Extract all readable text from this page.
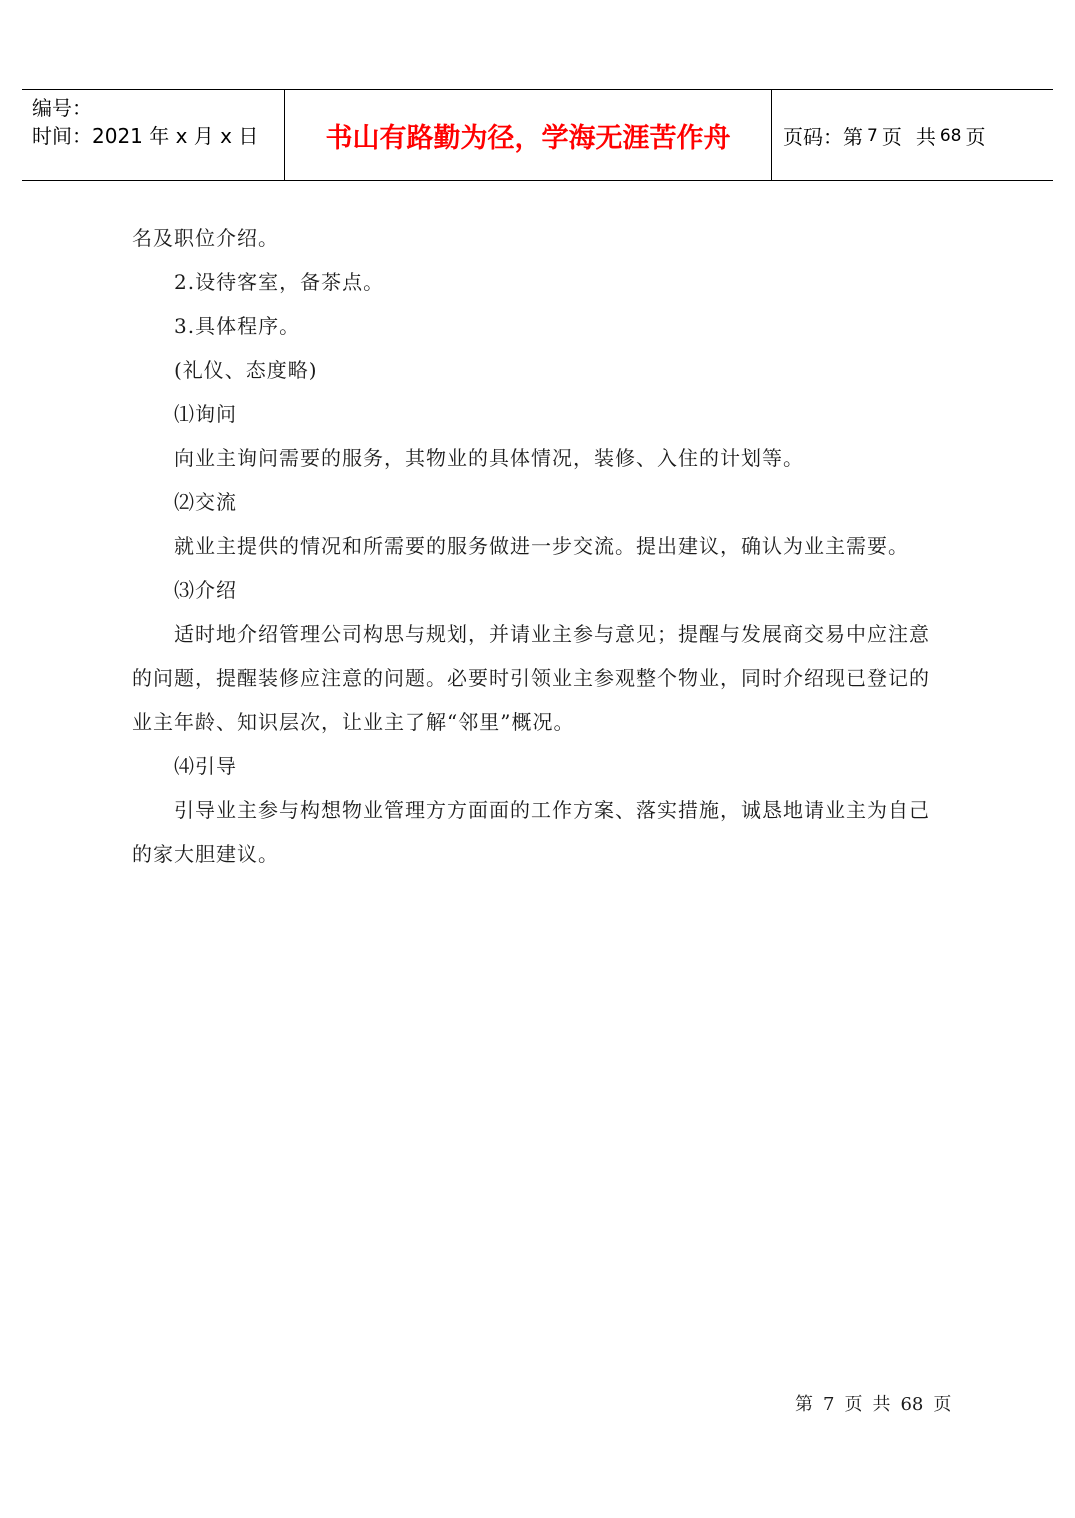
编号：
时间：2021 年 x 月 x 日	书山有路勤为径，学海无涯苦作舟	页码：第 7 页 共 68 页

名及职位介绍。

2.设待客室，备茶点。

3.具体程序。

(礼仪、态度略)

⑴询问

向业主询问需要的服务，其物业的具体情况，装修、入住的计划等。

⑵交流

就业主提供的情况和所需要的服务做进一步交流。提出建议，确认为业主需要。

⑶介绍

适时地介绍管理公司构思与规划，并请业主参与意见；提醒与发展商交易中应注意的问题，提醒装修应注意的问题。必要时引领业主参观整个物业，同时介绍现已登记的业主年龄、知识层次，让业主了解“邻里”概况。

⑷引导

引导业主参与构想物业管理方方面面的工作方案、落实措施，诚恳地请业主为自己的家大胆建议。

第 7 页 共 68 页
